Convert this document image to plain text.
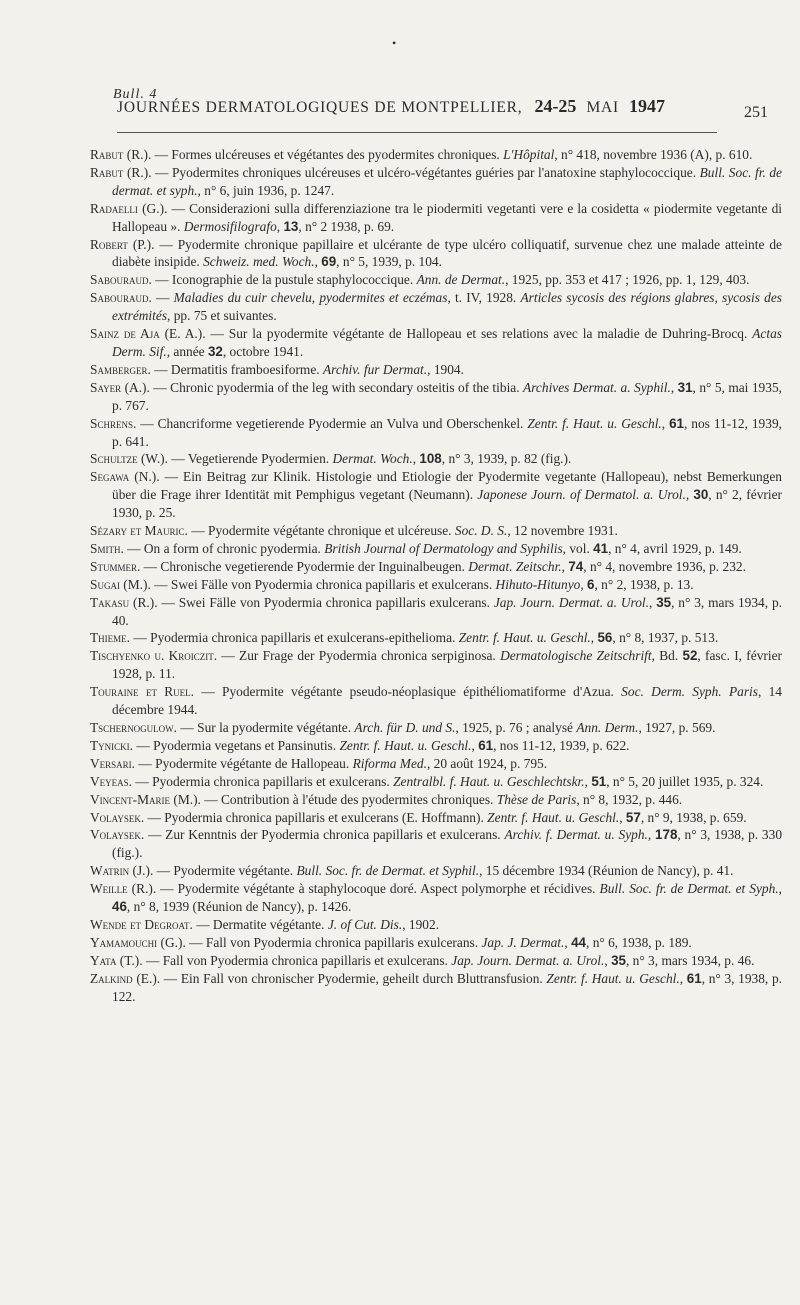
•
Bull. 4
JOURNÉES DERMATOLOGIQUES DE MONTPELLIER, 24-25 MAI 1947	251

Rabut (R.). — Formes ulcéreuses et végétantes des pyodermites chroniques. L'Hôpital, n° 418, novembre 1936 (A), p. 610.

Rabut (R.). — Pyodermites chroniques ulcéreuses et ulcéro-végétantes guéries par l'anatoxine staphylococcique. Bull. Soc. fr. de dermat. et syph., n° 6, juin 1936, p. 1247.

Radaelli (G.). — Considerazioni sulla differenziazione tra le piodermiti vegetanti vere e la cosidetta « piodermite vegetante di Hallopeau ». Dermosifilografo, 13, n° 2 1938, p. 69.

Robert (P.). — Pyodermite chronique papillaire et ulcérante de type ulcéro colliquatif, survenue chez une malade atteinte de diabète insipide. Schweiz. med. Woch., 69, n° 5, 1939, p. 104.

Sabouraud. — Iconographie de la pustule staphylococcique. Ann. de Dermat., 1925, pp. 353 et 417 ; 1926, pp. 1, 129, 403.

Sabouraud. — Maladies du cuir chevelu, pyodermites et eczémas, t. IV, 1928. Articles sycosis des régions glabres, sycosis des extrémités, pp. 75 et suivantes.

Sainz de Aja (E. A.). — Sur la pyodermite végétante de Hallopeau et ses relations avec la maladie de Duhring-Brocq. Actas Derm. Sif., année 32, octobre 1941.

Samberger. — Dermatitis framboesiforme. Archiv. fur Dermat., 1904.

Sayer (A.). — Chronic pyodermia of the leg with secondary osteitis of the tibia. Archives Dermat. a. Syphil., 31, n° 5, mai 1935, p. 767.

Schrens. — Chancriforme vegetierende Pyodermie an Vulva und Oberschenkel. Zentr. f. Haut. u. Geschl., 61, nos 11-12, 1939, p. 641.

Schultze (W.). — Vegetierende Pyodermien. Dermat. Woch., 108, n° 3, 1939, p. 82 (fig.).

Segawa (N.). — Ein Beitrag zur Klinik. Histologie und Etiologie der Pyodermite vegetante (Hallopeau), nebst Bemerkungen über die Frage ihrer Identität mit Pemphigus vegetant (Neumann). Japonese Journ. of Dermatol. a. Urol., 30, n° 2, février 1930, p. 25.

Sézary et Mauric. — Pyodermite végétante chronique et ulcéreuse. Soc. D. S., 12 novembre 1931.

Smith. — On a form of chronic pyodermia. British Journal of Dermatology and Syphilis, vol. 41, n° 4, avril 1929, p. 149.

Stummer. — Chronische vegetierende Pyodermie der Inguinalbeugen. Dermat. Zeitschr., 74, n° 4, novembre 1936, p. 232.

Sugai (M.). — Swei Fälle von Pyodermia chronica papillaris et exulcerans. Hihuto-Hitunyo, 6, n° 2, 1938, p. 13.

Takasu (R.). — Swei Fälle von Pyodermia chronica papillaris exulcerans. Jap. Journ. Dermat. a. Urol., 35, n° 3, mars 1934, p. 40.

Thieme. — Pyodermia chronica papillaris et exulcerans-epithelioma. Zentr. f. Haut. u. Geschl., 56, n° 8, 1937, p. 513.

Tischyenko u. Kroiczit. — Zur Frage der Pyodermia chronica serpiginosa. Dermatologische Zeitschrift, Bd. 52, fasc. I, février 1928, p. 11.

Touraine et Ruel. — Pyodermite végétante pseudo-néoplasique épithéliomatiforme d'Azua. Soc. Derm. Syph. Paris, 14 décembre 1944.

Tschernogulow. — Sur la pyodermite végétante. Arch. für D. und S., 1925, p. 76 ; analysé Ann. Derm., 1927, p. 569.

Tynicki. — Pyodermia vegetans et Pansinutis. Zentr. f. Haut. u. Geschl., 61, nos 11-12, 1939, p. 622.

Versari. — Pyodermite végétante de Hallopeau. Riforma Med., 20 août 1924, p. 795.

Veyeas. — Pyodermia chronica papillaris et exulcerans. Zentralbl. f. Haut. u. Geschlechtskr., 51, n° 5, 20 juillet 1935, p. 324.

Vincent-Marie (M.). — Contribution à l'étude des pyodermites chroniques. Thèse de Paris, n° 8, 1932, p. 446.

Volaysek. — Pyodermia chronica papillaris et exulcerans (E. Hoffmann). Zentr. f. Haut. u. Geschl., 57, n° 9, 1938, p. 659.

Volaysek. — Zur Kenntnis der Pyodermia chronica papillaris et exulcerans. Archiv. f. Dermat. u. Syph., 178, n° 3, 1938, p. 330 (fig.).

Watrin (J.). — Pyodermite végétante. Bull. Soc. fr. de Dermat. et Syphil., 15 décembre 1934 (Réunion de Nancy), p. 41.

Weille (R.). — Pyodermite végétante à staphylocoque doré. Aspect polymorphe et récidives. Bull. Soc. fr. de Dermat. et Syph., 46, n° 8, 1939 (Réunion de Nancy), p. 1426.

Wende et Degroat. — Dermatite végétante. J. of Cut. Dis., 1902.

Yamamouchi (G.). — Fall von Pyodermia chronica papillaris exulcerans. Jap. J. Dermat., 44, n° 6, 1938, p. 189.

Yata (T.). — Fall von Pyodermia chronica papillaris et exulcerans. Jap. Journ. Dermat. a. Urol., 35, n° 3, mars 1934, p. 46.

Zalkind (E.). — Ein Fall von chronischer Pyodermie, geheilt durch Bluttransfusion. Zentr. f. Haut. u. Geschl., 61, n° 3, 1938, p. 122.
